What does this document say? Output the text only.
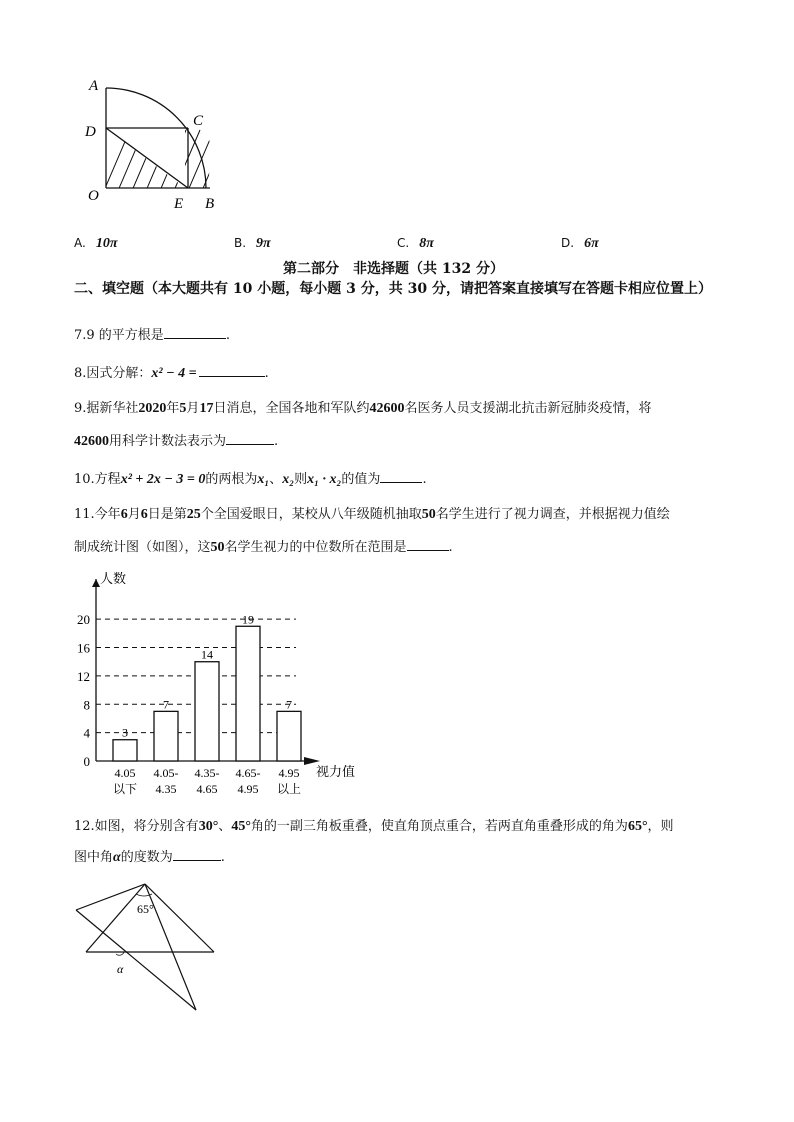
A
C
D
O	E B
A. 10π	B. 9π	C. 8π	D. 6π
第二部分　非选择题（共 132 分）
二、填空题（本大题共有 10 小题，每小题 3 分，共 30 分，请把答案直接填写在答题卡相应位置上）
7.9 的平方根是	.
8.因式分解：x² − 4 =	.
9.据新华社2020年5月17日消息，全国各地和军队约42600名医务人员支援湖北抗击新冠肺炎疫情，将
42600用科学计数法表示为	.
10.方程x² + 2x − 3 = 0的两根为x₁、x₂则x₁ · x₂的值为	.
11.今年6月6日是第25个全国爱眼日，某校从八年级随机抽取50名学生进行了视力调查，并根据视力值绘
制成统计图（如图），这50名学生视力的中位数所在范围是	.
0
4
8
12
16
20
人数
视力值
3
4.05
以下
7
4.05-
4.35
14
4.35-
4.65
19
4.65-
4.95
7
4.95
以上
12.如图，将分别含有30°、45°角的一副三角板重叠，使直角顶点重合，若两直角重叠形成的角为65°，则
图中角α的度数为	.
65°
α
